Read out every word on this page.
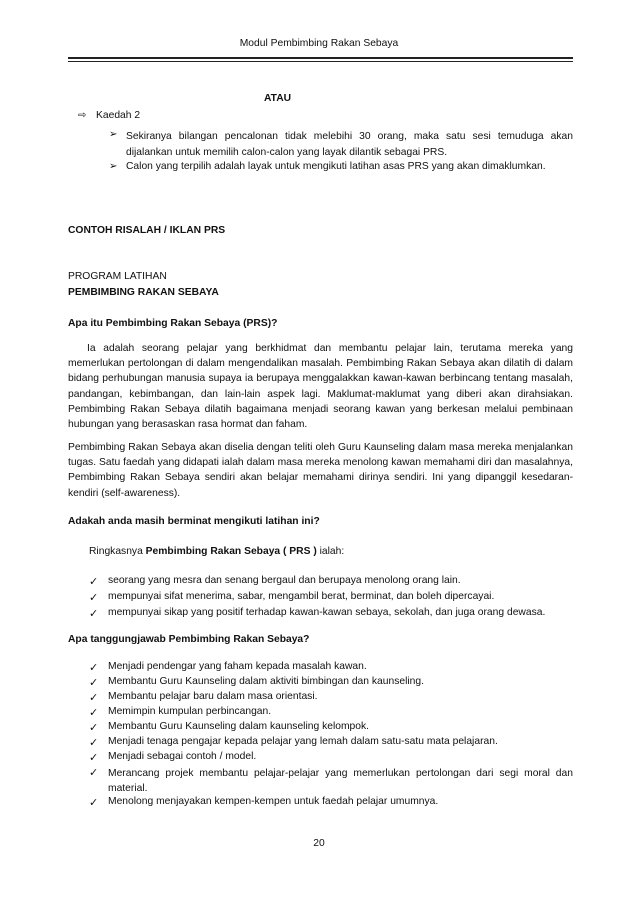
Modul Pembimbing Rakan Sebaya
ATAU
⇨ Kaedah 2
➢ Sekiranya bilangan pencalonan tidak melebihi 30 orang, maka satu sesi temuduga akan dijalankan untuk memilih calon-calon yang layak dilantik sebagai PRS.
➢ Calon yang terpilih adalah layak untuk mengikuti latihan asas PRS yang akan dimaklumkan.
CONTOH RISALAH / IKLAN PRS
PROGRAM LATIHAN
PEMBIMBING RAKAN SEBAYA
Apa itu Pembimbing Rakan Sebaya (PRS)?
Ia adalah seorang pelajar yang berkhidmat dan membantu pelajar lain, terutama mereka yang memerlukan pertolongan di dalam mengendalikan masalah. Pembimbing Rakan Sebaya akan dilatih di dalam bidang perhubungan manusia supaya ia berupaya menggalakkan kawan-kawan berbincang tentang masalah, pandangan, kebimbangan, dan lain-lain aspek lagi. Maklumat-maklumat yang diberi akan dirahsiakan. Pembimbing Rakan Sebaya dilatih bagaimana menjadi seorang kawan yang berkesan melalui pembinaan hubungan yang berasaskan rasa hormat dan faham.
Pembimbing Rakan Sebaya akan diselia dengan teliti oleh Guru Kaunseling dalam masa mereka menjalankan tugas. Satu faedah yang didapati ialah dalam masa mereka menolong kawan memahami diri dan masalahnya, Pembimbing Rakan Sebaya sendiri akan belajar memahami dirinya sendiri. Ini yang dipanggil kesedaran-kendiri (self-awareness).
Adakah anda masih berminat mengikuti latihan ini?
Ringkasnya Pembimbing Rakan Sebaya ( PRS ) ialah:
✓ seorang yang mesra dan senang bergaul dan berupaya menolong orang lain.
✓ mempunyai sifat menerima, sabar, mengambil berat, berminat, dan boleh dipercayai.
✓ mempunyai sikap yang positif terhadap kawan-kawan sebaya, sekolah, dan juga orang dewasa.
Apa tanggungjawab Pembimbing Rakan Sebaya?
✓ Menjadi pendengar yang faham kepada masalah kawan.
✓ Membantu Guru Kaunseling dalam aktiviti bimbingan dan kaunseling.
✓ Membantu pelajar baru dalam masa orientasi.
✓ Memimpin kumpulan perbincangan.
✓ Membantu Guru Kaunseling dalam kaunseling kelompok.
✓ Menjadi tenaga pengajar kepada pelajar yang lemah dalam satu-satu mata pelajaran.
✓ Menjadi sebagai contoh / model.
✓ Merancang projek membantu pelajar-pelajar yang memerlukan pertolongan dari segi moral dan material.
✓ Menolong menjayakan kempen-kempen untuk faedah pelajar umumnya.
20
